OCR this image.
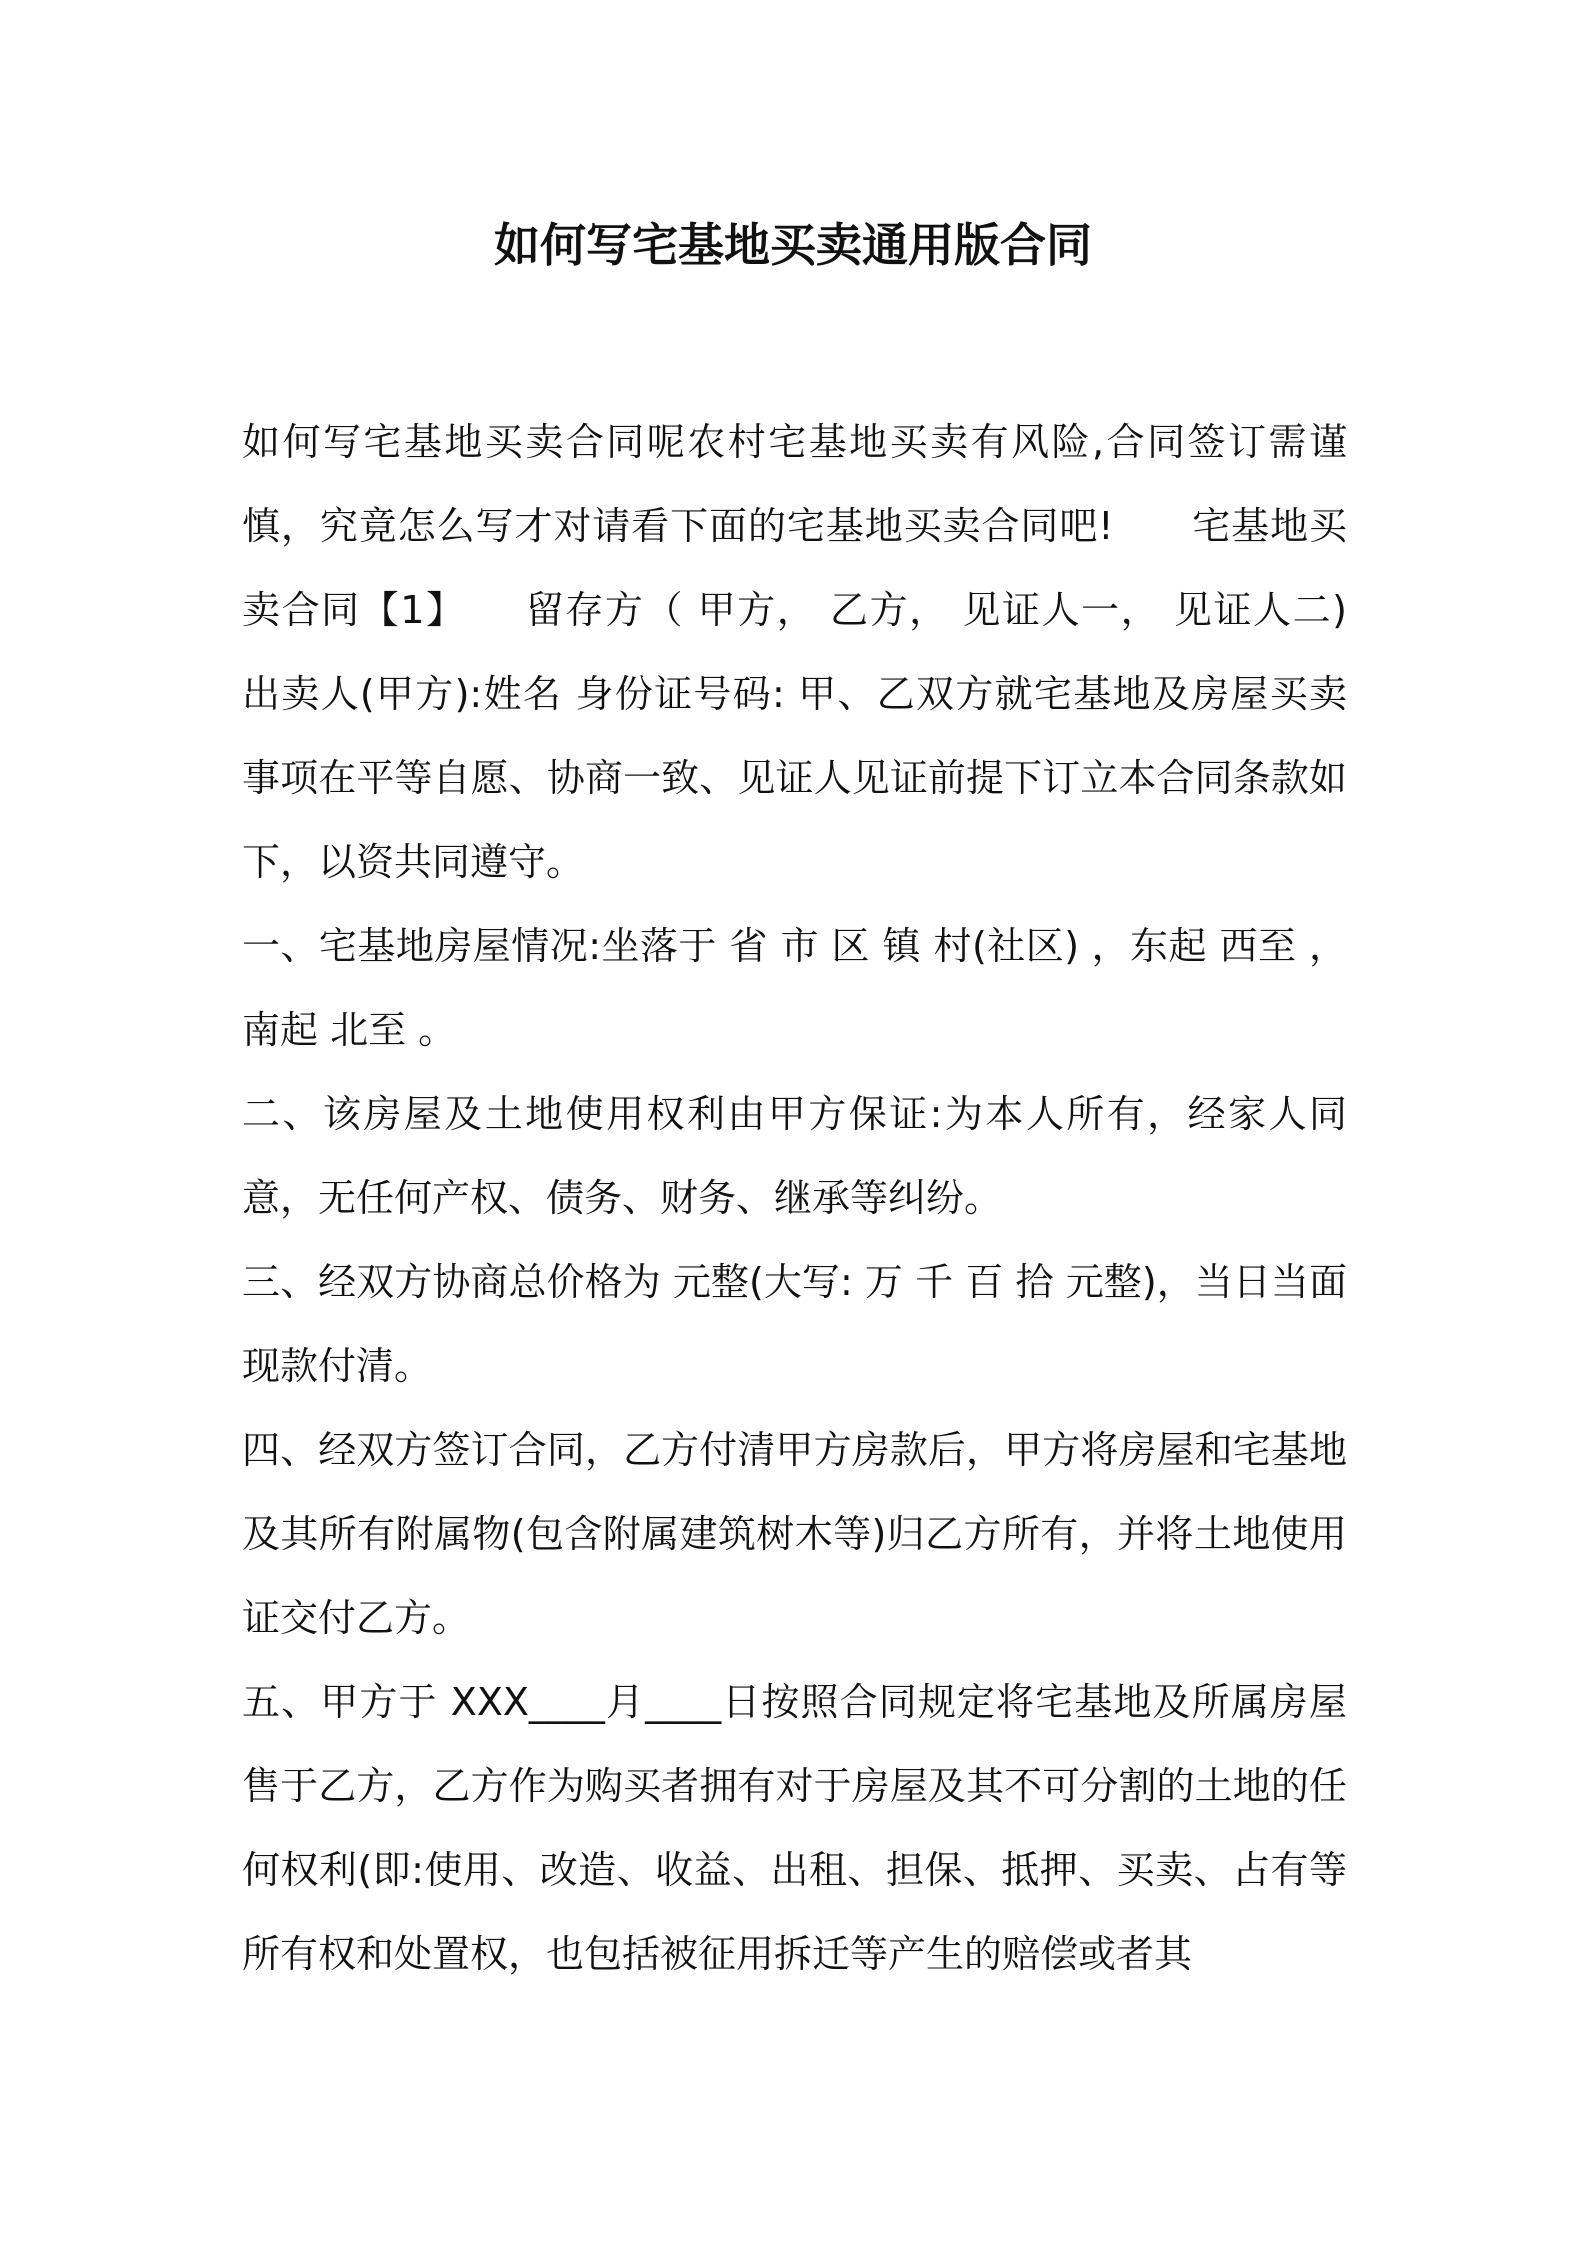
如何写宅基地买卖通用版合同

如何写宅基地买卖合同呢农村宅基地买卖有风险,合同签订需谨慎，究竟怎么写才对请看下面的宅基地买卖合同吧!　　宅基地买卖合同【1】　　留存方（ 甲方， 乙方， 见证人一， 见证人二)　　出卖人(甲方):姓名 身份证号码: 甲、乙双方就宅基地及房屋买卖事项在平等自愿、协商一致、见证人见证前提下订立本合同条款如下，以资共同遵守。

一、宅基地房屋情况:坐落于 省 市 区 镇 村(社区) ，东起 西至 ，南起 北至 。

二、该房屋及土地使用权利由甲方保证:为本人所有，经家人同意，无任何产权、债务、财务、继承等纠纷。

三、经双方协商总价格为 元整(大写: 万 千 百 拾 元整)，当日当面现款付清。

四、经双方签订合同，乙方付清甲方房款后，甲方将房屋和宅基地及其所有附属物(包含附属建筑树木等)归乙方所有，并将土地使用证交付乙方。

五、甲方于 XXX____月____日按照合同规定将宅基地及所属房屋售于乙方，乙方作为购买者拥有对于房屋及其不可分割的土地的任何权利(即:使用、改造、收益、出租、担保、抵押、买卖、占有等所有权和处置权，也包括被征用拆迁等产生的赔偿或者其
